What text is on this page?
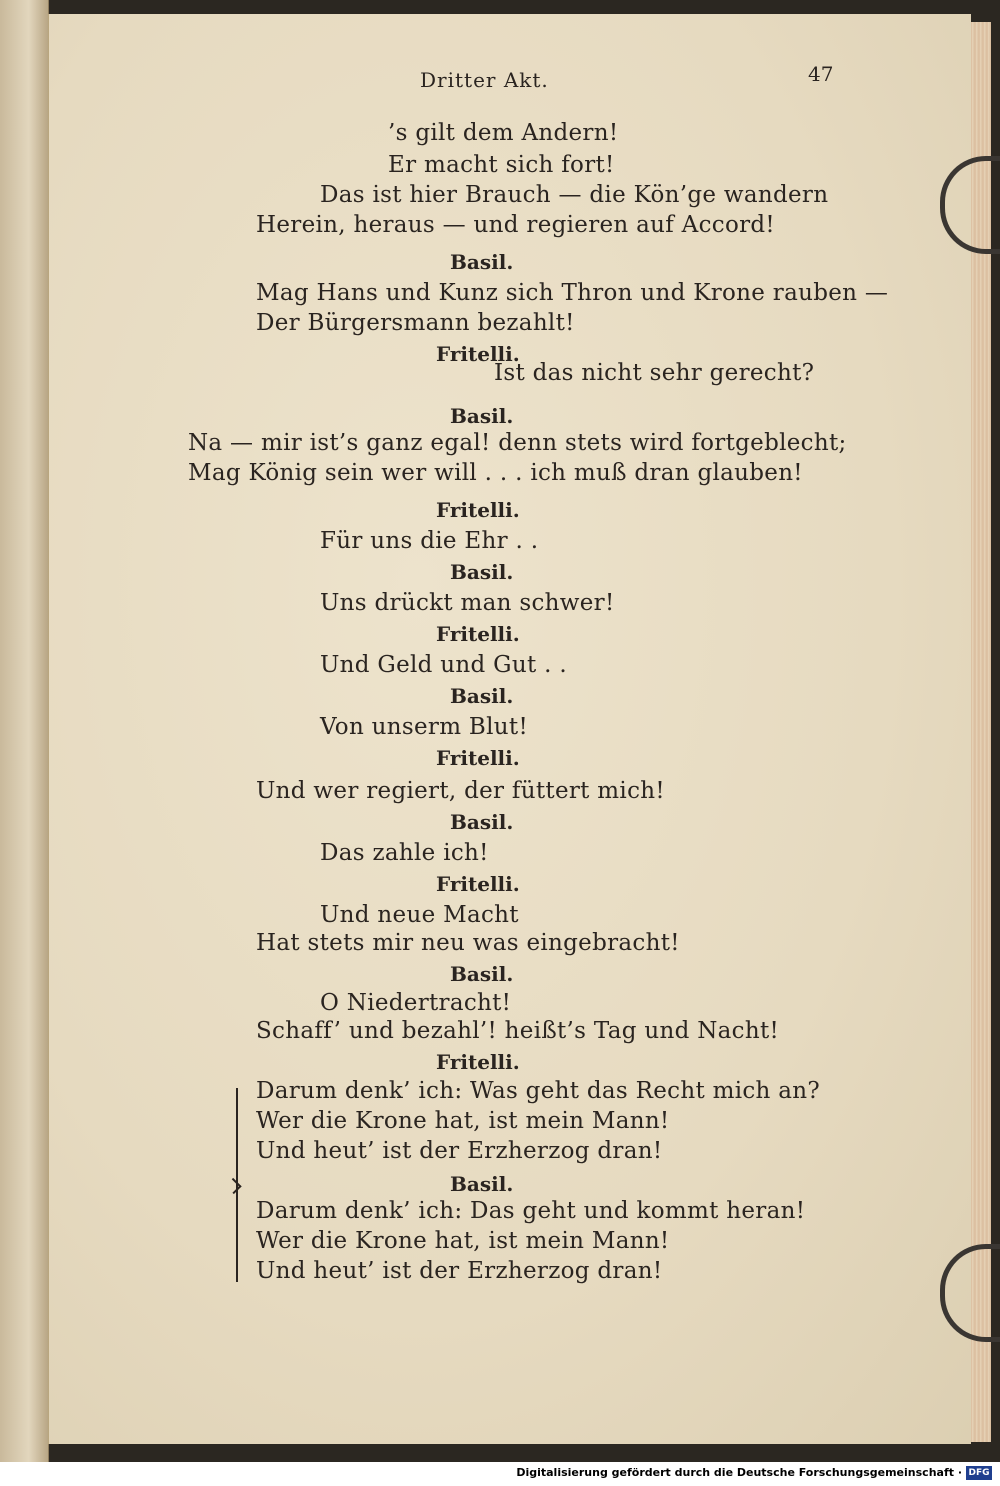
Dritter Akt.	47
’s gilt dem Andern!
Er macht sich fort!
Das ist hier Brauch — die Kön’ge wandern
Herein, heraus — und regieren auf Accord!
Basil.
Mag Hans und Kunz sich Thron und Krone rauben —
Der Bürgersmann bezahlt!
Fritelli.
Ist das nicht sehr gerecht?
Basil.
Na — mir ist’s ganz egal! denn stets wird fortgeblecht;
Mag König sein wer will . . . ich muß dran glauben!
Fritelli.
Für uns die Ehr . .
Basil.
Uns drückt man schwer!
Fritelli.
Und Geld und Gut . .
Basil.
Von unserm Blut!
Fritelli.
Und wer regiert, der füttert mich!
Basil.
Das zahle ich!
Fritelli.
Und neue Macht
Hat stets mir neu was eingebracht!
Basil.
O Niedertracht!
Schaff’ und bezahl’! heißt’s Tag und Nacht!
Fritelli.
Darum denk’ ich: Was geht das Recht mich an?
Wer die Krone hat, ist mein Mann!
Und heut’ ist der Erzherzog dran!
Basil.
Darum denk’ ich: Das geht und kommt heran!
Wer die Krone hat, ist mein Mann!
Und heut’ ist der Erzherzog dran!
Digitalisierung gefördert durch die Deutsche Forschungsgemeinschaft · DFG
